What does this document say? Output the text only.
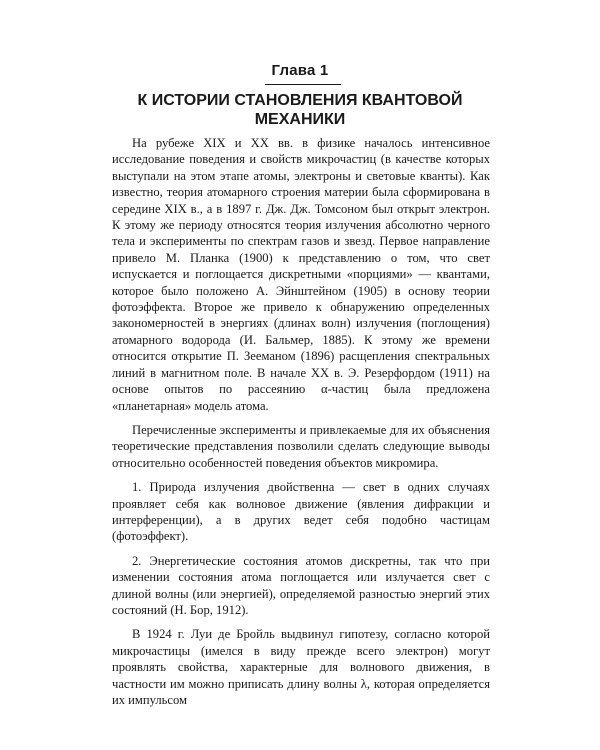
Глава 1
К ИСТОРИИ СТАНОВЛЕНИЯ КВАНТОВОЙ МЕХАНИКИ

На рубеже XIX и XX вв. в физике началось интенсивное исследование поведения и свойств микрочастиц (в качестве которых выступали на этом этапе атомы, электроны и световые кванты). Как известно, теория атомарного строения материи была сформирована в середине XIX в., а в 1897 г. Дж. Дж. Томсоном был открыт электрон. К этому же периоду относятся теория излучения абсолютно черного тела и эксперименты по спектрам газов и звезд. Первое направление привело М. Планка (1900) к представлению о том, что свет испускается и поглощается дискретными «порциями» — квантами, которое было положено А. Эйнштейном (1905) в основу теории фотоэффекта. Второе же привело к обнаружению определенных закономерностей в энергиях (длинах волн) излучения (поглощения) атомарного водорода (И. Бальмер, 1885). К этому же времени относится открытие П. Зееманом (1896) расщепления спектральных линий в магнитном поле. В начале XX в. Э. Резерфордом (1911) на основе опытов по рассеянию α-частиц была предложена «планетарная» модель атома.

Перечисленные эксперименты и привлекаемые для их объяснения теоретические представления позволили сделать следующие выводы относительно особенностей поведения объектов микромира.

1. Природа излучения двойственна — свет в одних случаях проявляет себя как волновое движение (явления дифракции и интерференции), а в других ведет себя подобно частицам (фотоэффект).

2. Энергетические состояния атомов дискретны, так что при изменении состояния атома поглощается или излучается свет с длиной волны (или энергией), определяемой разностью энергий этих состояний (Н. Бор, 1912).

В 1924 г. Луи де Бройль выдвинул гипотезу, согласно которой микрочастицы (имелся в виду прежде всего электрон) могут проявлять свойства, характерные для волнового движения, в частности им можно приписать длину волны λ, которая определяется их импульсом
